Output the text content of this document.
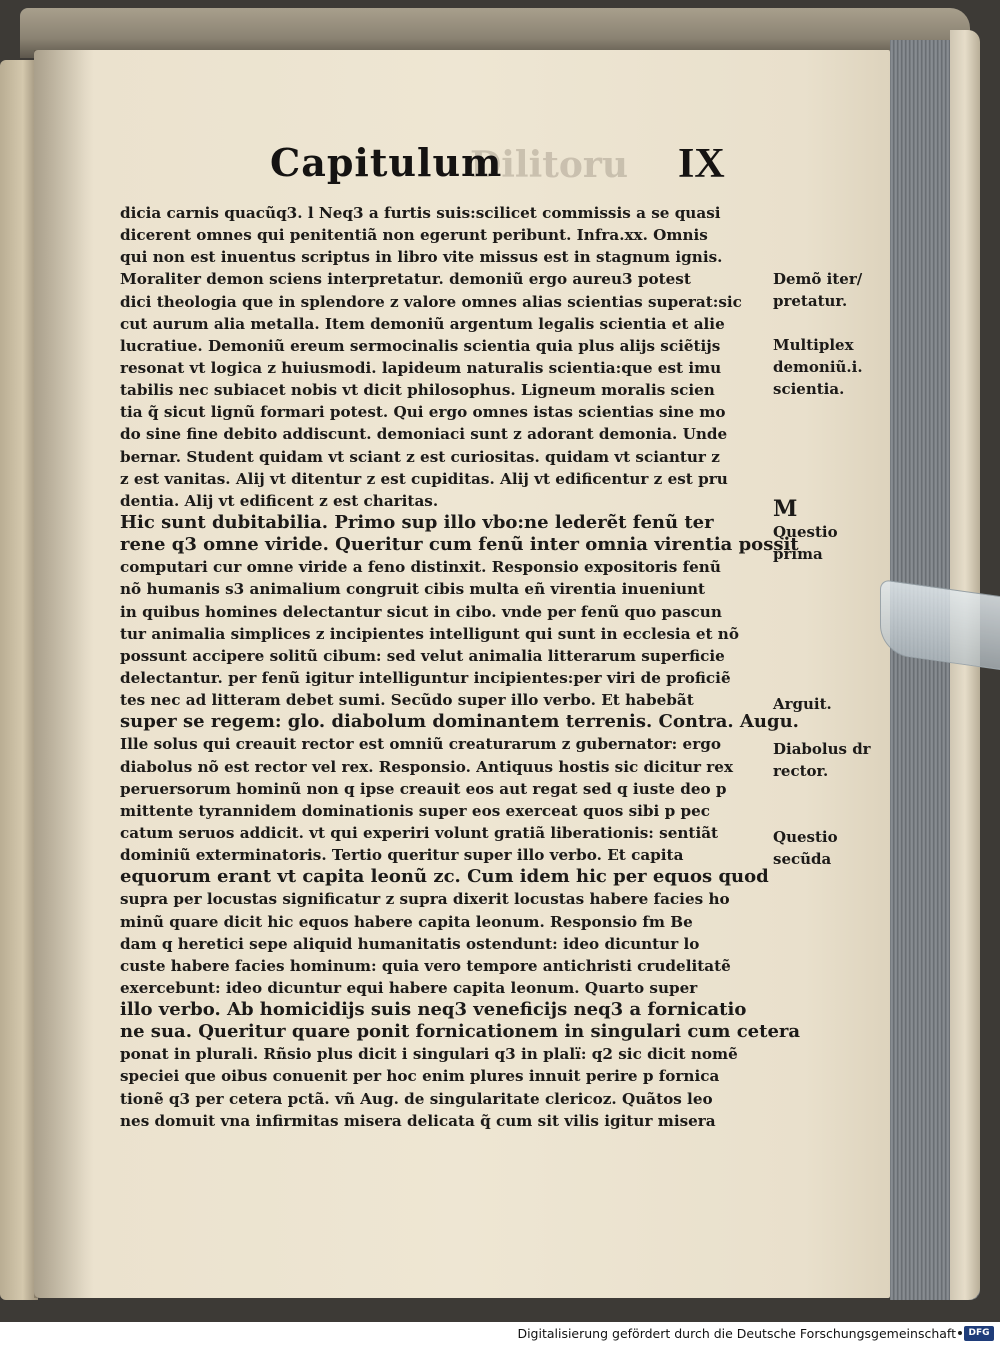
Dilitoru
Capitulum	IX
dicia carnis quacũq3. l Neq3 a furtis suis:scilicet commissis a se quasi
dicerent omnes qui penitentiã non egerunt peribunt. Infra.xx. Omnis
qui non est inuentus scriptus in libro vite missus est in stagnum ignis.
Moraliter demon sciens interpretatur. demoniũ ergo aureu3 potest
dici theologia que in splendore z valore omnes alias scientias superat:sic
cut aurum alia metalla. Item demoniũ argentum legalis scientia et alie
lucratiue. Demoniũ ereum sermocinalis scientia quia plus alijs sciẽtijs
resonat vt logica z huiusmodi. lapideum naturalis scientia:que est imu
tabilis nec subiacet nobis vt dicit philosophus. Ligneum moralis scien
tia q̃ sicut lignũ formari potest. Qui ergo omnes istas scientias sine mo
do sine fine debito addiscunt. demoniaci sunt z adorant demonia. Unde
bernar. Student quidam vt sciant z est curiositas. quidam vt sciantur z
z est vanitas. Alij vt ditentur z est cupiditas. Alij vt edificentur z est pru
dentia. Alij vt edificent z est charitas.
Hic sunt dubitabilia. Primo sup illo vbo:ne lederẽt fenũ ter
rene q3 omne viride. Queritur cum fenũ inter omnia virentia possit
computari cur omne viride a feno distinxit. Responsio expositoris fenũ
nõ humanis s3 animalium congruit cibis multa eñ virentia inueniunt
in quibus homines delectantur sicut in cibo. vnde per fenũ quo pascun
tur animalia simplices z incipientes intelligunt qui sunt in ecclesia et nõ
possunt accipere solitũ cibum: sed velut animalia litterarum superficie
delectantur. per fenũ igitur intelliguntur incipientes:per viri de proficiẽ
tes nec ad litteram debet sumi. Secũdo super illo verbo. Et habebãt
super se regem: glo. diabolum dominantem terrenis. Contra. Augu.
Ille solus qui creauit rector est omniũ creaturarum z gubernator: ergo
diabolus nõ est rector vel rex. Responsio. Antiquus hostis sic dicitur rex
peruersorum hominũ non q ipse creauit eos aut regat sed q iuste deo p
mittente tyrannidem dominationis super eos exerceat quos sibi p pec
catum seruos addicit. vt qui experiri volunt gratiã liberationis: sentiãt
dominiũ exterminatoris. Tertio queritur super illo verbo. Et capita
equorum erant vt capita leonũ zc. Cum idem hic per equos quod
supra per locustas significatur z supra dixerit locustas habere facies ho
minũ quare dicit hic equos habere capita leonum. Responsio fm Be
dam q heretici sepe aliquid humanitatis ostendunt: ideo dicuntur lo
custe habere facies hominum: quia vero tempore antichristi crudelitatẽ
exercebunt: ideo dicuntur equi habere capita leonum. Quarto super
illo verbo. Ab homicidijs suis neq3 veneficijs neq3 a fornicatio
ne sua. Queritur quare ponit fornicationem in singulari cum cetera
ponat in plurali. Rñsio plus dicit i singulari q3 in plalï: q2 sic dicit nomẽ
speciei que oibus conuenit per hoc enim plures innuit perire p fornica
tionẽ q3 per cetera pctã. vñ Aug. de singularitate clericoz. Quãtos leo
nes domuit vna infirmitas misera delicata q̃ cum sit vilis igitur misera
Demõ iter/
pretatur.
Multiplex
demoniũ.i.
scientia.
M
Questio
prima
Arguit.
Diabolus dr
rector.
Questio
secũda
Digitalisierung gefördert durch die Deutsche Forschungsgemeinschaft	DFG
